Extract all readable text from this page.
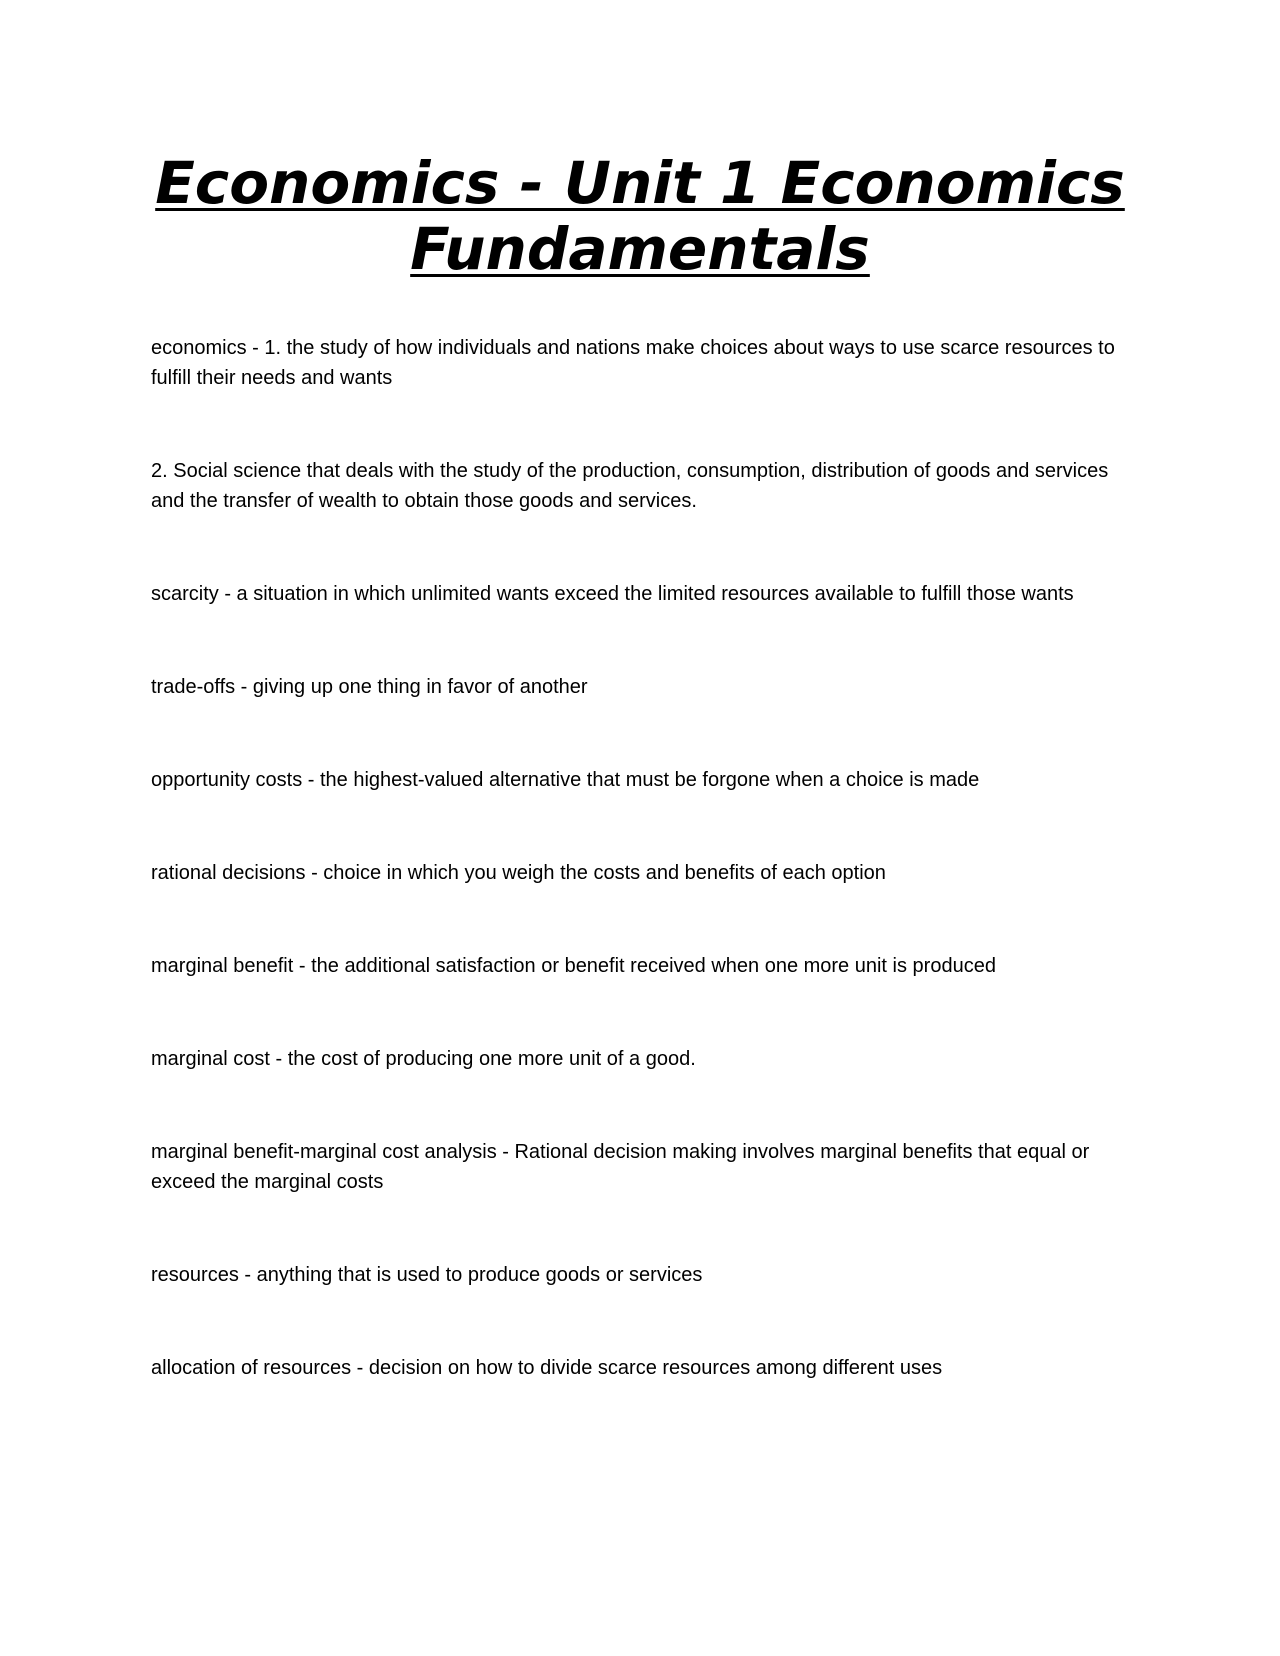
Economics - Unit 1 Economics Fundamentals

economics - 1. the study of how individuals and nations make choices about ways to use scarce resources to fulfill their needs and wants

2. Social science that deals with the study of the production, consumption, distribution of goods and services and the transfer of wealth to obtain those goods and services.

scarcity - a situation in which unlimited wants exceed the limited resources available to fulfill those wants

trade-offs - giving up one thing in favor of another

opportunity costs - the highest-valued alternative that must be forgone when a choice is made

rational decisions - choice in which you weigh the costs and benefits of each option

marginal benefit - the additional satisfaction or benefit received when one more unit is produced

marginal cost - the cost of producing one more unit of a good.

marginal benefit-marginal cost analysis - Rational decision making involves marginal benefits that equal or exceed the marginal costs

resources - anything that is used to produce goods or services

allocation of resources - decision on how to divide scarce resources among different uses
